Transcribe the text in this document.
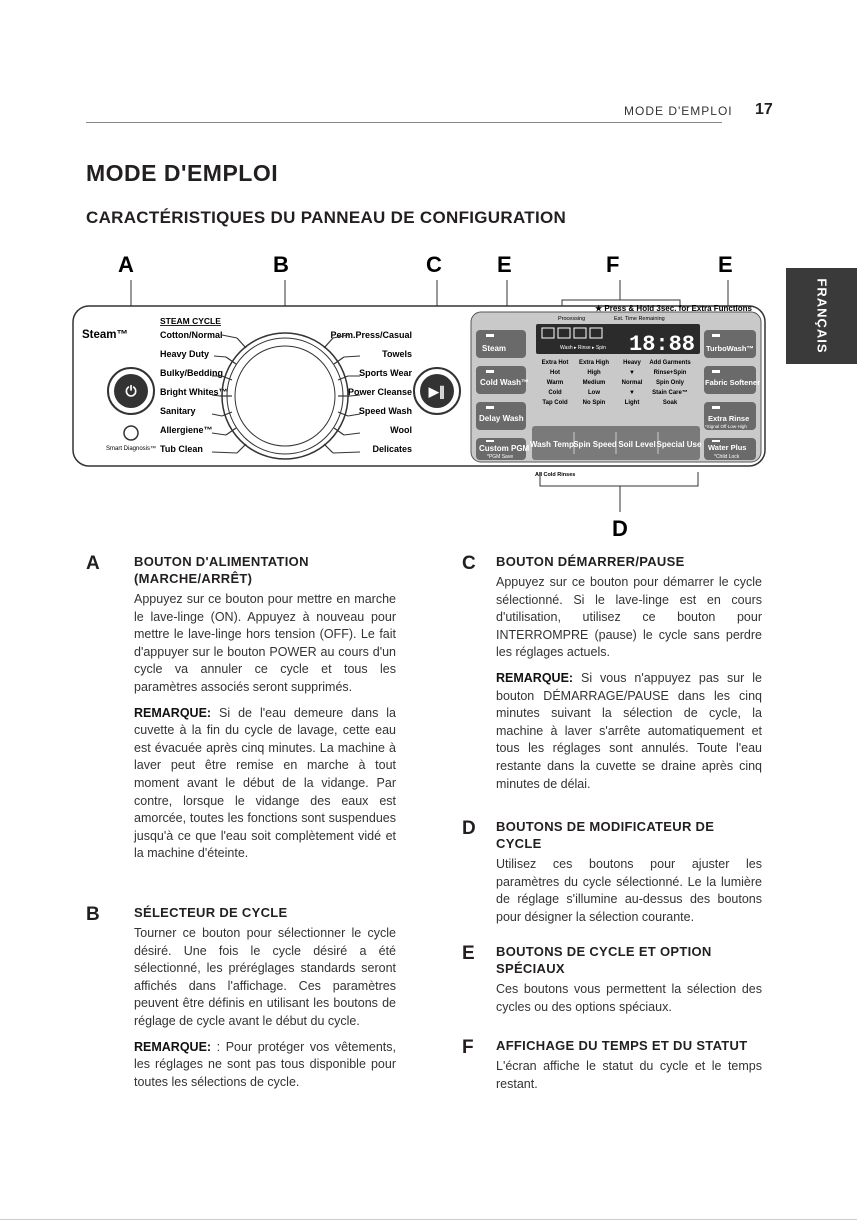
MODE D'EMPLOI 17
MODE D'EMPLOI
CARACTÉRISTIQUES DU PANNEAU DE CONFIGURATION
FRANÇAIS
A	B	C	E	F	E
D
Steam™
⏻
Smart Diagnosis™
STEAM CYCLE
Cotton/Normal
Heavy Duty
Bulky/Bedding
Bright Whites™
Sanitary
Allergiene™
Tub Clean
Perm.Press/Casual
Towels
Sports Wear
Power Cleanse
Speed Wash
Wool
Delicates
▶∥
★ Press & Hold 3sec. for Extra Functions
Steam
Cold Wash™
Delay Wash
Custom PGM
*PGM Save
All Cold Rinses
TurboWash™
Fabric Softener
Extra Rinse
Water Plus
*Signal Off·Low·High
*Child Lock
Processing	Est. Time Remaining
Wash ▸ Rinse ▸ Spin 18:88
Extra Hot Extra High Heavy Add Garments
Hot	High	▼	Rinse+Spin
Warm	Medium	Normal Spin Only
Cold	Low	▼	Stain Care™
Tap Cold	No Spin	Light	Soak
Wash Temp.
Spin Speed Soil Level Special Use
A	BOUTON D'ALIMENTATION (MARCHE/ARRÊT)

Appuyez sur ce bouton pour mettre en marche le lave-linge (ON). Appuyez à nouveau pour mettre le lave-linge hors tension (OFF). Le fait d'appuyer sur le bouton POWER au cours d'un cycle va annuler ce cycle et tous les paramètres associés seront supprimés.

REMARQUE: Si de l'eau demeure dans la cuvette à la fin du cycle de lavage, cette eau est évacuée après cinq minutes. La machine à laver peut être remise en marche à tout moment avant le début de la vidange. Par contre, lorsque le vidange des eaux est amorcée, toutes les fonctions sont suspendues jusqu'à ce que l'eau soit complètement vidé et la machine d'éteinte.

B	SÉLECTEUR DE CYCLE

Tourner ce bouton pour sélectionner le cycle désiré. Une fois le cycle désiré a été sélectionné, les préréglages standards seront affichés dans l'affichage. Ces paramètres peuvent être définis en utilisant les boutons de réglage de cycle avant le début du cycle.

REMARQUE: : Pour protéger vos vêtements, les réglages ne sont pas tous disponible pour toutes les sélections de cycle.

C BOUTON DÉMARRER/PAUSE

Appuyez sur ce bouton pour démarrer le cycle sélectionné. Si le lave-linge est en cours d'utilisation, utilisez ce bouton pour INTERROMPRE (pause) le cycle sans perdre les réglages actuels.

REMARQUE: Si vous n'appuyez pas sur le bouton DÉMARRAGE/PAUSE dans les cinq minutes suivant la sélection de cycle, la machine à laver s'arrête automatiquement et tous les réglages sont annulés. Toute l'eau restante dans la cuvette se draine après cinq minutes de délai.

D BOUTONS DE MODIFICATEUR DE CYCLE

Utilisez ces boutons pour ajuster les paramètres du cycle sélectionné. Le la lumière de réglage s'illumine au-dessus des boutons pour désigner la sélection courante.

E BOUTONS DE CYCLE ET OPTION SPÉCIAUX

Ces boutons vous permettent la sélection des cycles ou des options spéciaux.

F AFFICHAGE DU TEMPS ET DU STATUT

L'écran affiche le statut du cycle et le temps restant.
